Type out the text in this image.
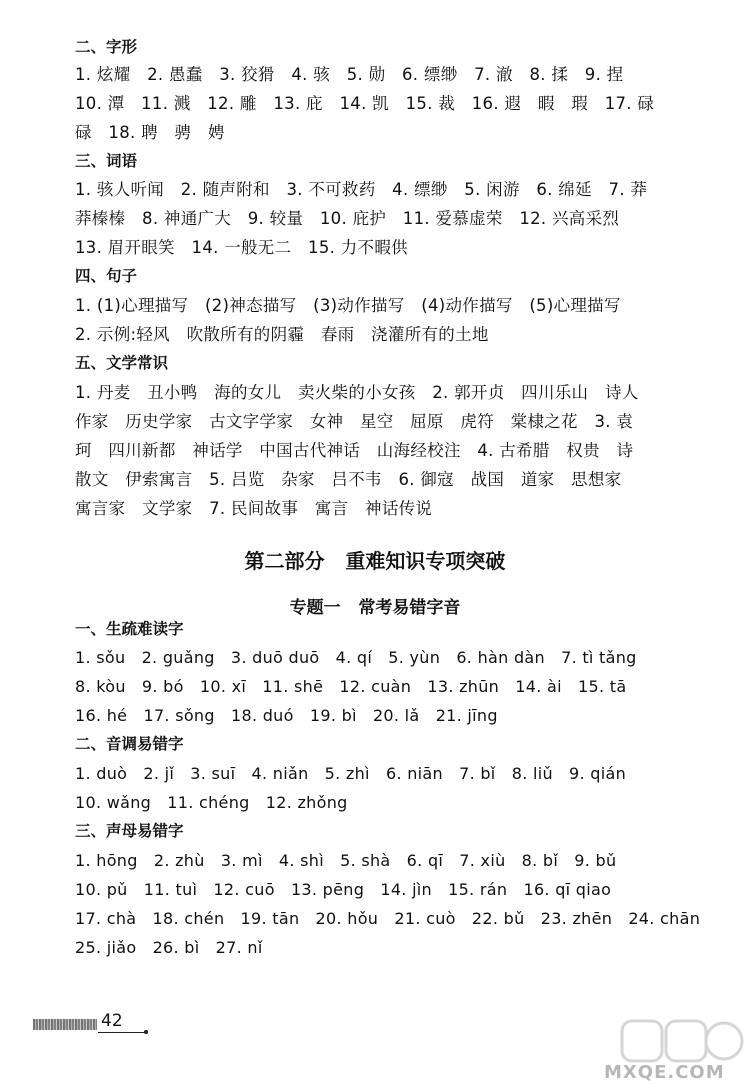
二、字形
1. 炫耀   2. 愚蠢   3. 狡猾   4. 骇   5. 勋   6. 缥缈   7. 澈   8. 揉   9. 捏
10. 潭   11. 溅   12. 雕   13. 庇   14. 凯   15. 裁   16. 遐   暇   瑕   17. 碌
碌   18. 聘   骋   娉
三、词语
1. 骇人听闻   2. 随声附和   3. 不可救药   4. 缥缈   5. 闲游   6. 绵延   7. 莽
莽榛榛   8. 神通广大   9. 较量   10. 庇护   11. 爱慕虚荣   12. 兴高采烈
13. 眉开眼笑   14. 一般无二   15. 力不暇供
四、句子
1. (1)心理描写   (2)神态描写   (3)动作描写   (4)动作描写   (5)心理描写
2. 示例:轻风   吹散所有的阴霾   春雨   浇灌所有的土地
五、文学常识
1. 丹麦   丑小鸭   海的女儿   卖火柴的小女孩   2. 郭开贞   四川乐山   诗人
作家   历史学家   古文字学家   女神   星空   屈原   虎符   棠棣之花   3. 袁
珂   四川新都   神话学   中国古代神话   山海经校注   4. 古希腊   权贵   诗
散文   伊索寓言   5. 吕览   杂家   吕不韦   6. 御寇   战国   道家   思想家
寓言家   文学家   7. 民间故事   寓言   神话传说
第二部分   重难知识专项突破
专题一   常考易错字音
一、生疏难读字
1. sǒu   2. guǎng   3. duō duō   4. qí   5. yùn   6. hàn dàn   7. tì tǎng
8. kòu   9. bó   10. xī   11. shē   12. cuàn   13. zhūn   14. ài   15. tā
16. hé   17. sǒng   18. duó   19. bì   20. lǎ   21. jīng
二、音调易错字
1. duò   2. jǐ   3. suī   4. niǎn   5. zhì   6. niān   7. bǐ   8. liǔ   9. qián
10. wǎng   11. chéng   12. zhǒng
三、声母易错字
1. hōng   2. zhù   3. mì   4. shì   5. shà   6. qī   7. xiù   8. bǐ   9. bǔ
10. pǔ   11. tuì   12. cuō   13. pēng   14. jìn   15. rán   16. qī qiao
17. chà   18. chén   19. tān   20. hǒu   21. cuò   22. bǔ   23. zhēn   24. chān
25. jiǎo   26. bì   27. nǐ
42
MXQE.COM
